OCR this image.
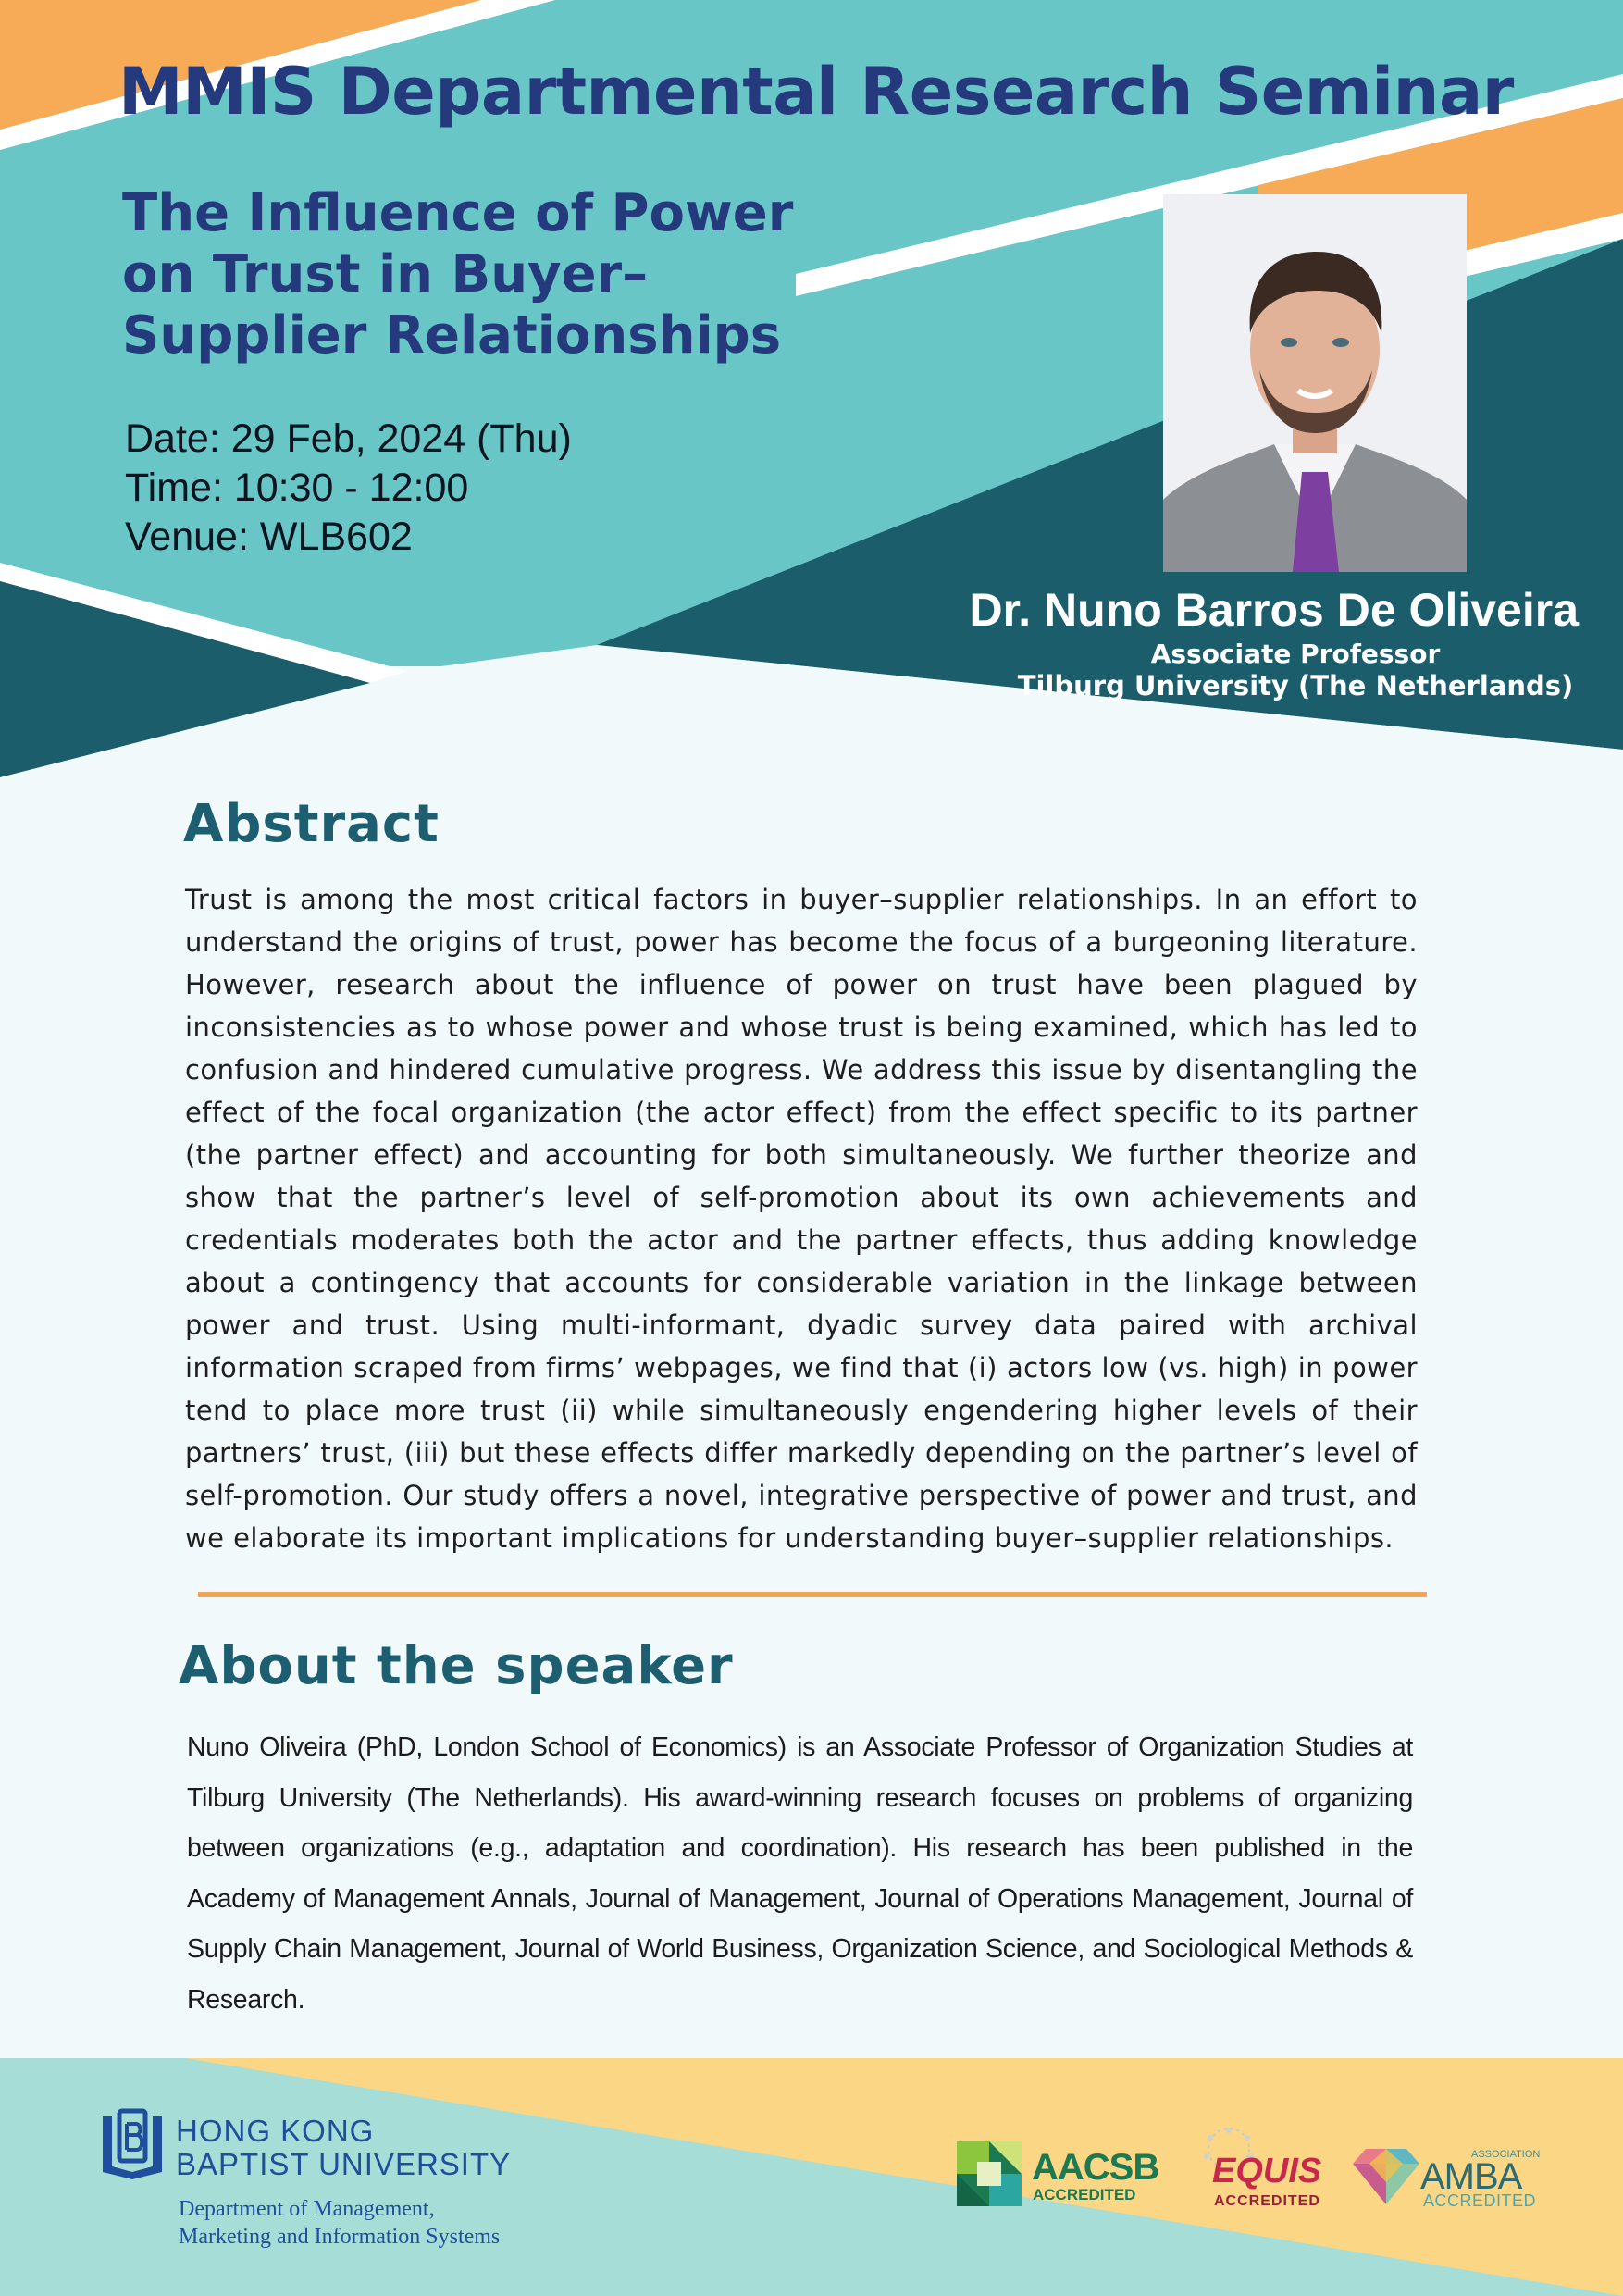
MMIS Departmental Research Seminar
The Influence of Power
on Trust in Buyer–
Supplier Relationships
Date: 29 Feb, 2024 (Thu)
Time: 10:30 - 12:00
Venue: WLB602
Dr. Nuno Barros De Oliveira
Associate Professor
Tilburg University (The Netherlands)
Abstract

Trust is among the most critical factors in buyer–supplier relationships. In an effort to understand the origins of trust, power has become the focus of a burgeoning literature. However, research about the influence of power on trust have been plagued by inconsistencies as to whose power and whose trust is being examined, which has led to confusion and hindered cumulative progress. We address this issue by disentangling the effect of the focal organization (the actor effect) from the effect specific to its partner (the partner effect) and accounting for both simultaneously. We further theorize and show that the partner’s level of self-promotion about its own achievements and credentials moderates both the actor and the partner effects, thus adding knowledge about a contingency that accounts for considerable variation in the linkage between power and trust. Using multi-informant, dyadic survey data paired with archival information scraped from firms’ webpages, we find that (i) actors low (vs. high) in power tend to place more trust (ii) while simultaneously engendering higher levels of their partners’ trust, (iii) but these effects differ markedly depending on the partner’s level of self-promotion. Our study offers a novel, integrative perspective of power and trust, and we elaborate its important implications for understanding buyer–supplier relationships.

About the speaker

Nuno Oliveira (PhD, London School of Economics) is an Associate Professor of Organization Studies at Tilburg University (The Netherlands). His award-winning research focuses on problems of organizing between organizations (e.g., adaptation and coordination). His research has been published in the Academy of Management Annals, Journal of Management, Journal of Operations Management, Journal of Supply Chain Management, Journal of World Business, Organization Science, and Sociological Methods & Research.

HONG KONG
BAPTIST UNIVERSITY
Department of Management,
Marketing and Information Systems
AACSB
ACCREDITED
EQUIS
ACCREDITED
ASSOCIATION
AMBA
ACCREDITED
